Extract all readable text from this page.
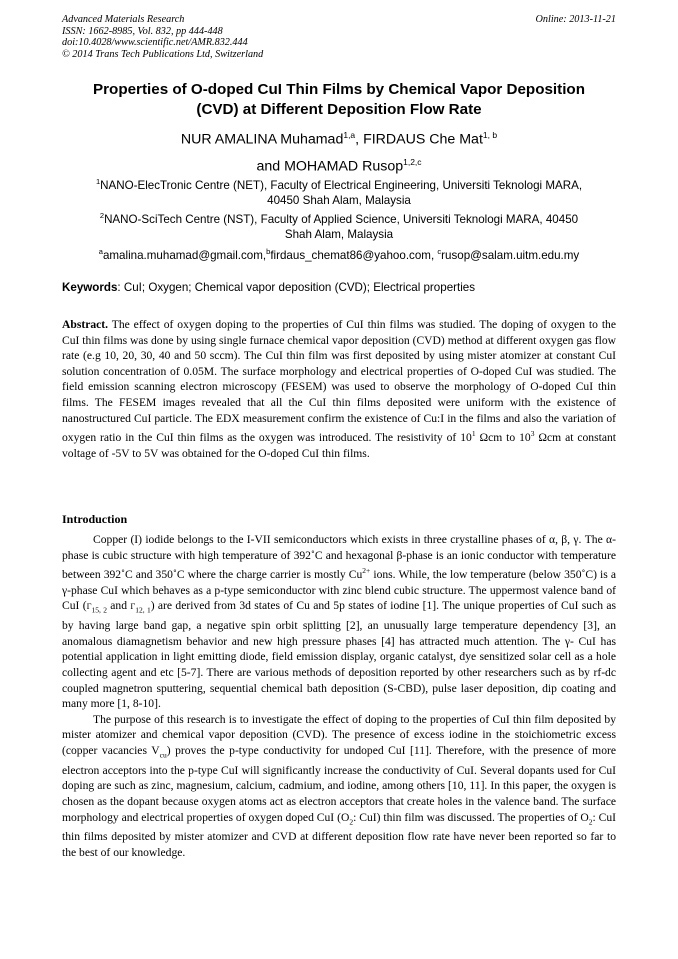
Advanced Materials Research
ISSN: 1662-8985, Vol. 832, pp 444-448
doi:10.4028/www.scientific.net/AMR.832.444
© 2014 Trans Tech Publications Ltd, Switzerland
Online: 2013-11-21
Properties of O-doped CuI Thin Films by Chemical Vapor Deposition
(CVD) at Different Deposition Flow Rate
NUR AMALINA Muhamad$^{1,a}$, FIRDAUS Che Mat$^{1, b}$
and MOHAMAD Rusop$^{1,2,c}$
$^1$NANO-ElecTronic Centre (NET), Faculty of Electrical Engineering, Universiti Teknologi MARA,
40450 Shah Alam, Malaysia
$^2$NANO-SciTech Centre (NST), Faculty of Applied Science, Universiti Teknologi MARA, 40450
Shah Alam, Malaysia
$^a$amalina.muhamad@gmail.com,$^b$firdaus_chemat86@yahoo.com, $^c$rusop@salam.uitm.edu.my
Keywords: CuI; Oxygen; Chemical vapor deposition (CVD); Electrical properties
Abstract. The effect of oxygen doping to the properties of CuI thin films was studied. The doping of oxygen to the CuI thin films was done by using single furnace chemical vapor deposition (CVD) method at different oxygen gas flow rate (e.g 10, 20, 30, 40 and 50 sccm). The CuI thin film was first deposited by using mister atomizer at constant CuI solution concentration of 0.05M. The surface morphology and electrical properties of O-doped CuI was studied. The field emission scanning electron microscopy (FESEM) was used to observe the morphology of O-doped CuI thin films. The FESEM images revealed that all the CuI thin films deposited were uniform with the existence of nanostructured CuI particle. The EDX measurement confirm the existence of Cu:I in the films and also the variation of oxygen ratio in the CuI thin films as the oxygen was introduced. The resistivity of $10^1$ Ωcm to $10^3$ Ωcm at constant voltage of -5V to 5V was obtained for the O-doped CuI thin films.
Introduction

Copper (I) iodide belongs to the I-VII semiconductors which exists in three crystalline phases of α, β, γ. The α-phase is cubic structure with high temperature of 392˚C and hexagonal β-phase is an ionic conductor with temperature between 392˚C and 350˚C where the charge carrier is mostly $Cu^{2+}$ ions. While, the low temperature (below 350˚C) is a γ-phase CuI which behaves as a p-type semiconductor with zinc blend cubic structure. The uppermost valence band of CuI ($\Gamma_{15, 2}$ and $\Gamma_{12, 1}$) are derived from 3d states of Cu and 5p states of iodine [1]. The unique properties of CuI such as by having large band gap, a negative spin orbit splitting [2], an unusually large temperature dependency [3], an anomalous diamagnetism behavior and new high pressure phases [4] has attracted much attention. The γ- CuI has potential application in light emitting diode, field emission display, organic catalyst, dye sensitized solar cell as a hole collecting agent and etc [5-7]. There are various methods of deposition reported by other researchers such as by rf-dc coupled magnetron sputtering, sequential chemical bath deposition (S-CBD), pulse laser deposition, dip coating and many more [1, 8-10].

The purpose of this research is to investigate the effect of doping to the properties of CuI thin film deposited by mister atomizer and chemical vapor deposition (CVD). The presence of excess iodine in the stoichiometric excess (copper vacancies $V_{cu}$) proves the p-type conductivity for undoped CuI [11]. Therefore, with the presence of more electron acceptors into the p-type CuI will significantly increase the conductivity of CuI. Several dopants used for CuI doping are such as zinc, magnesium, calcium, cadmium, and iodine, among others [10, 11]. In this paper, the oxygen is chosen as the dopant because oxygen atoms act as electron acceptors that create holes in the valence band. The surface morphology and electrical properties of oxygen doped CuI ($O_2$: CuI) thin film was discussed. The properties of $O_2$: CuI thin films deposited by mister atomizer and CVD at different deposition flow rate have never been reported so far to the best of our knowledge.
